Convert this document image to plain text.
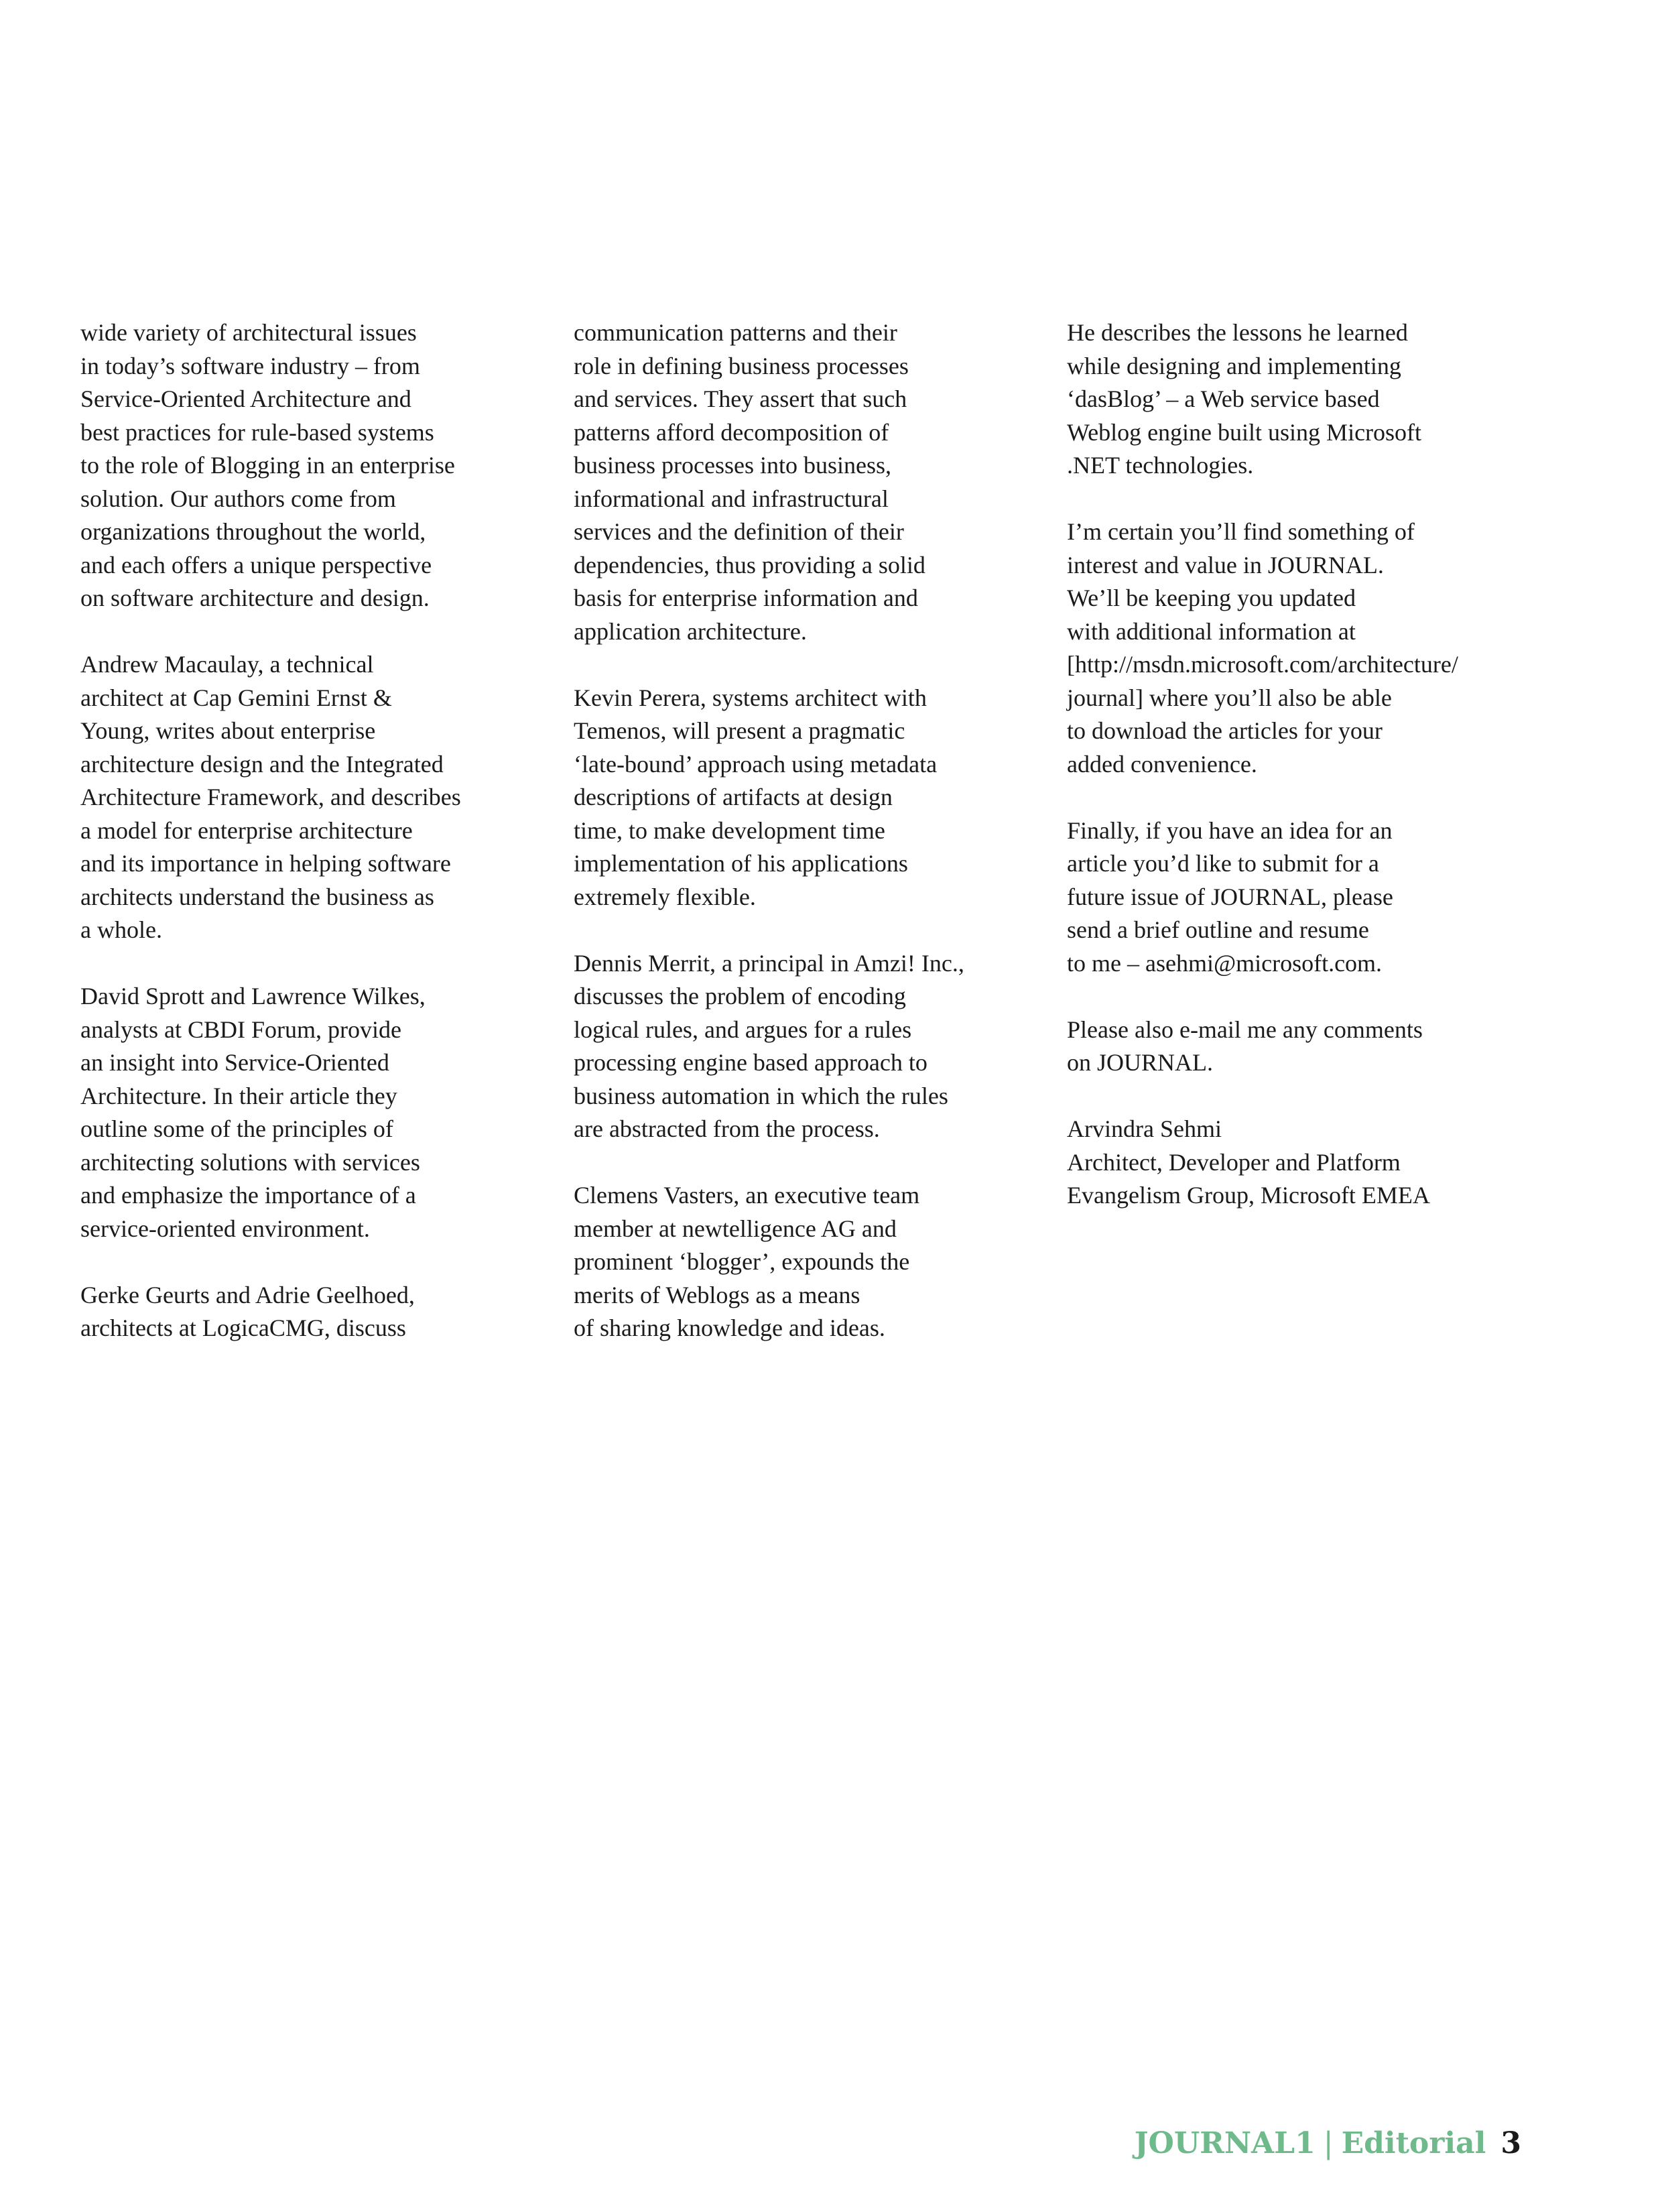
wide variety of architectural issues
in today’s software industry – from
Service-Oriented Architecture and
best practices for rule-based systems
to the role of Blogging in an enterprise
solution. Our authors come from
organizations throughout the world,
and each offers a unique perspective
on software architecture and design.

Andrew Macaulay, a technical
architect at Cap Gemini Ernst &
Young, writes about enterprise
architecture design and the Integrated
Architecture Framework, and describes
a model for enterprise architecture
and its importance in helping software
architects understand the business as
a whole.

David Sprott and Lawrence Wilkes,
analysts at CBDI Forum, provide
an insight into Service-Oriented
Architecture. In their article they
outline some of the principles of
architecting solutions with services
and emphasize the importance of a
service-oriented environment.

Gerke Geurts and Adrie Geelhoed,
architects at LogicaCMG, discuss

communication patterns and their
role in defining business processes
and services. They assert that such
patterns afford decomposition of
business processes into business,
informational and infrastructural
services and the definition of their
dependencies, thus providing a solid
basis for enterprise information and
application architecture.

Kevin Perera, systems architect with
Temenos, will present a pragmatic
‘late-bound’ approach using metadata
descriptions of artifacts at design
time, to make development time
implementation of his applications
extremely flexible.

Dennis Merrit, a principal in Amzi! Inc.,
discusses the problem of encoding
logical rules, and argues for a rules
processing engine based approach to
business automation in which the rules
are abstracted from the process.

Clemens Vasters, an executive team
member at newtelligence AG and
prominent ‘blogger’, expounds the
merits of Weblogs as a means
of sharing knowledge and ideas.

He describes the lessons he learned
while designing and implementing
‘dasBlog’ – a Web service based
Weblog engine built using Microsoft
.NET technologies.

I’m certain you’ll find something of
interest and value in JOURNAL.
We’ll be keeping you updated
with additional information at
[http://msdn.microsoft.com/architecture/
journal] where you’ll also be able
to download the articles for your
added convenience.

Finally, if you have an idea for an
article you’d like to submit for a
future issue of JOURNAL, please
send a brief outline and resume
to me – asehmi@microsoft.com.

Please also e-mail me any comments
on JOURNAL.

Arvindra Sehmi
Architect, Developer and Platform
Evangelism Group, Microsoft EMEA

JOURNAL1 | Editorial 3
